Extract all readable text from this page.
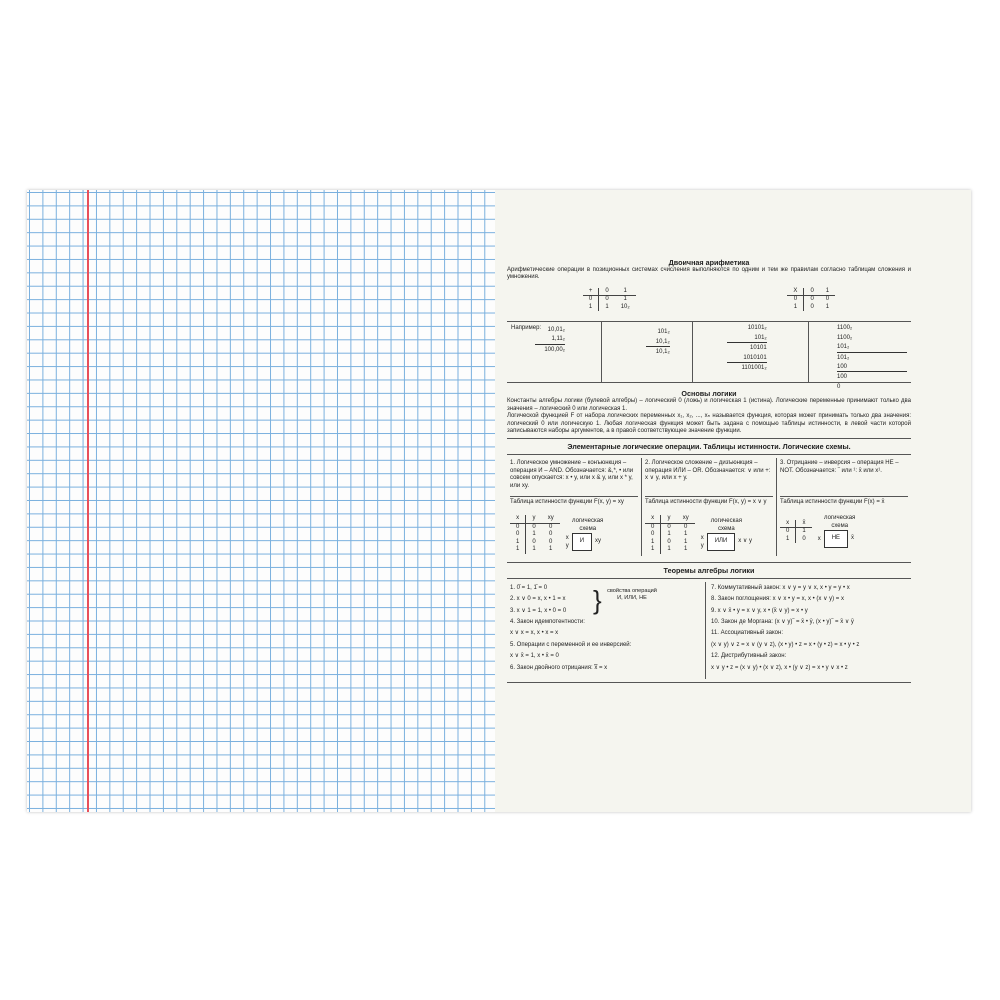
Двоичная арифметика
Арифметические операции в позиционных системах счисления выполняются по одним и тем же правилам согласно таблицам сложения и умножения.
+	0	1
0	0	1
1	1	10₂
X	0	1
0	0	0
1	0	1
Например:	10,01₂
1,11₂
100,00₂
101₂
10,1₂
10,1₂
10101₂
101₂
10101
1010101
1101001₂
1100₂
1100₂
101₂
101₂
100
100
0
Основы логики
Константы алгебры логики (булевой алгебры) – логический 0 (ложь) и логическая 1 (истина). Логические переменные принимают только два значения – логический 0 или логическая 1.
Логической функцией F от набора логических переменных x₁, x₂, ..., xₙ называется функция, которая может принимать только два значения: логический 0 или логическую 1. Любая логическая функция может быть задана с помощью таблицы истинности, в левой части которой записываются наборы аргументов, а в правой соответствующее значение функции.
Элементарные логические операции. Таблицы истинности. Логические схемы.
1. Логическое умножение – конъюнкция – операция И – AND. Обозначается: &,*, • или совсем опускается: x • y, или x & y, или x * y, или xy.
Таблица истинности функции F(x, y) = xy
x	y	xy
0	0	0
0	1	0
1	0	0
1	1	1
логическая схема
x
y
И	xy
2. Логическое сложение – дизъюнкция – операция ИЛИ – OR. Обозначается: ∨ или +: x ∨ y, или x + y.
Таблица истинности функции F(x, y) = x ∨ y
x	y	xy
0	0	0
0	1	1
1	0	1
1	1	1
логическая схема
x
y
ИЛИ	x ∨ y
3. Отрицание – инверсия – операция НЕ – NOT. Обозначается: ‾ или ¹: x̄ или x¹.
Таблица истинности функции F(x) = x̄
x	x̄
0	1
1	0
логическая схема
x	НЕ	x̄
Теоремы алгебры логики
1. 0̄ = 1, 1̄ = 0
2. x ∨ 0 = x, x • 1 = x
3. x ∨ 1 = 1, x • 0 = 0
4. Закон идемпотентности:
x ∨ x = x, x • x = x
5. Операции с переменной и ее инверсией:
x ∨ x̄ = 1, x • x̄ = 0
6. Закон двойного отрицания: x̿ = x
} свойства операций И, ИЛИ, НЕ
7. Коммутативный закон: x ∨ y = y ∨ x, x • y = y • x
8. Закон поглощения: x ∨ x • y = x, x • (x ∨ y) = x
9. x ∨ x̄ • y = x ∨ y, x • (x̄ ∨ y) = x • y
10. Закон де Моргана: (x ∨ y)‾ = x̄ • ȳ, (x • y)‾ = x̄ ∨ ȳ
11. Ассоциативный закон:
(x ∨ y) ∨ z = x ∨ (y ∨ z), (x • y) • z = x • (y • z) = x • y • z
12. Дистрибутивный закон:
x ∨ y • z = (x ∨ y) • (x ∨ z), x • (y ∨ z) = x • y ∨ x • z
